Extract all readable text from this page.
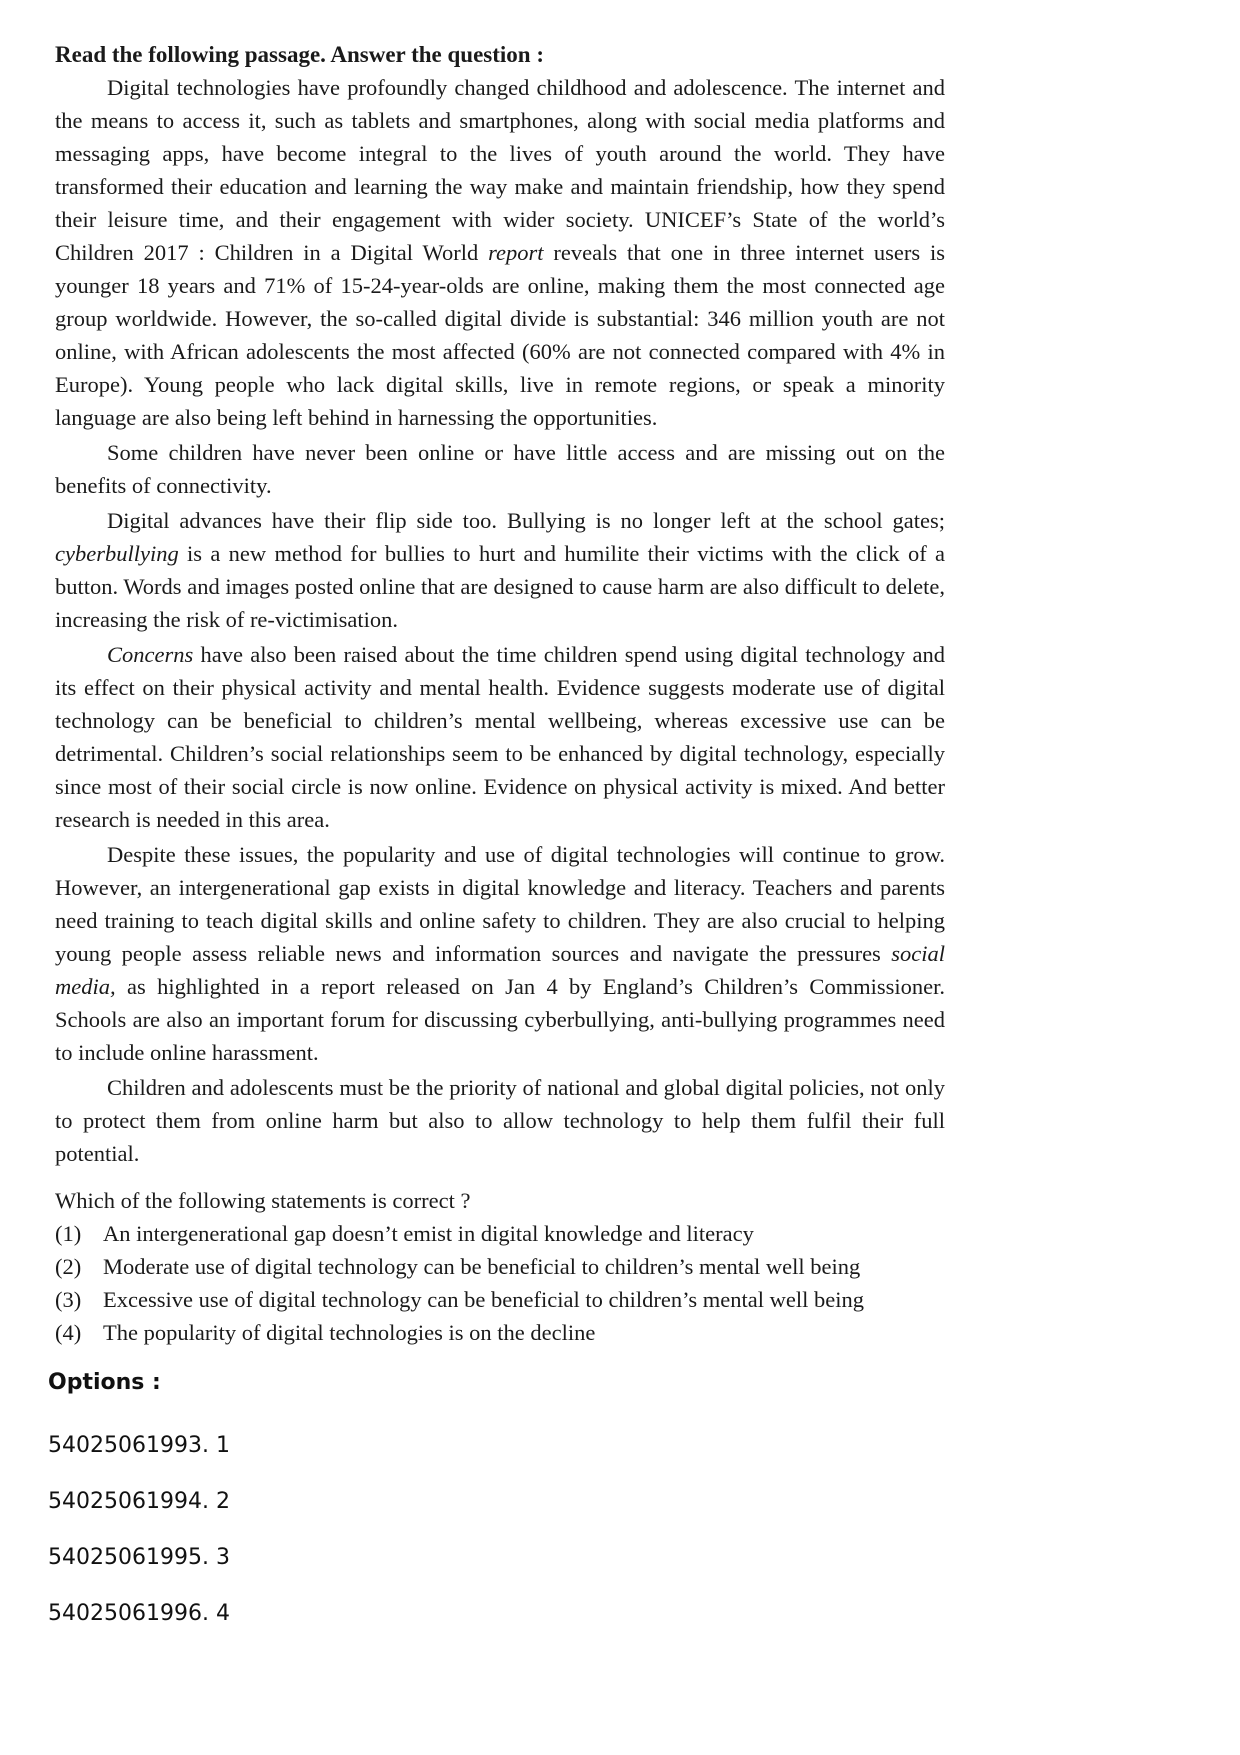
Read the following passage. Answer the question :

Digital technologies have profoundly changed childhood and adolescence. The internet and the means to access it, such as tablets and smartphones, along with social media platforms and messaging apps, have become integral to the lives of youth around the world. They have transformed their education and learning the way make and maintain friendship, how they spend their leisure time, and their engagement with wider society. UNICEF’s State of the world’s Children 2017 : Children in a Digital World report reveals that one in three internet users is younger 18 years and 71% of 15-24-year-olds are online, making them the most connected age group worldwide. However, the so-called digital divide is substantial: 346 million youth are not online, with African adolescents the most affected (60% are not connected compared with 4% in Europe). Young people who lack digital skills, live in remote regions, or speak a minority language are also being left behind in harnessing the opportunities.

Some children have never been online or have little access and are missing out on the benefits of connectivity.

Digital advances have their flip side too. Bullying is no longer left at the school gates; cyberbullying is a new method for bullies to hurt and humilite their victims with the click of a button. Words and images posted online that are designed to cause harm are also difficult to delete, increasing the risk of re-victimisation.

Concerns have also been raised about the time children spend using digital technology and its effect on their physical activity and mental health. Evidence suggests moderate use of digital technology can be beneficial to children’s mental wellbeing, whereas excessive use can be detrimental. Children’s social relationships seem to be enhanced by digital technology, especially since most of their social circle is now online. Evidence on physical activity is mixed. And better research is needed in this area.

Despite these issues, the popularity and use of digital technologies will continue to grow. However, an intergenerational gap exists in digital knowledge and literacy. Teachers and parents need training to teach digital skills and online safety to children. They are also crucial to helping young people assess reliable news and information sources and navigate the pressures social media, as highlighted in a report released on Jan 4 by England’s Children’s Commissioner. Schools are also an important forum for discussing cyberbullying, anti-bullying programmes need to include online harassment.

Children and adolescents must be the priority of national and global digital policies, not only to protect them from online harm but also to allow technology to help them fulfil their full potential.

Which of the following statements is correct ?

(1) An intergenerational gap doesn’t emist in digital knowledge and literacy
(2) Moderate use of digital technology can be beneficial to children’s mental well being
(3) Excessive use of digital technology can be beneficial to children’s mental well being
(4) The popularity of digital technologies is on the decline

Options :

54025061993. 1
54025061994. 2
54025061995. 3
54025061996. 4
